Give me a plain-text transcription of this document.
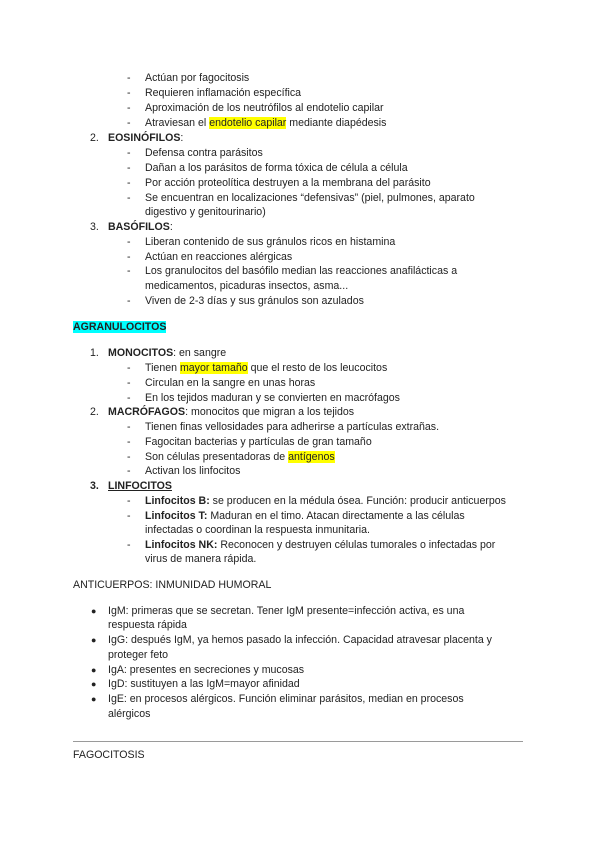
- Actúan por fagocitosis
- Requieren inflamación específica
- Aproximación de los neutrófilos al endotelio capilar
- Atraviesan el endotelio capilar mediante diapédesis
2. EOSINÓFILOS:
- Defensa contra parásitos
- Dañan a los parásitos de forma tóxica de célula a célula
- Por acción proteolítica destruyen a la membrana del parásito
- Se encuentran en localizaciones “defensivas” (piel, pulmones, aparato
digestivo y genitourinario)
3. BASÓFILOS:
- Liberan contenido de sus gránulos ricos en histamina
- Actúan en reacciones alérgicas
- Los granulocitos del basófilo median las reacciones anafilácticas a
medicamentos, picaduras insectos, asma...
- Viven de 2-3 días y sus gránulos son azulados
AGRANULOCITOS
1. MONOCITOS: en sangre
- Tienen mayor tamaño que el resto de los leucocitos
- Circulan en la sangre en unas horas
- En los tejidos maduran y se convierten en macrófagos
2. MACRÓFAGOS: monocitos que migran a los tejidos
- Tienen finas vellosidades para adherirse a partículas extrañas.
- Fagocitan bacterias y partículas de gran tamaño
- Son células presentadoras de antígenos
- Activan los linfocitos
3. LINFOCITOS
- Linfocitos B: se producen en la médula ósea. Función: producir anticuerpos
- Linfocitos T: Maduran en el timo. Atacan directamente a las células
infectadas o coordinan la respuesta inmunitaria.
- Linfocitos NK: Reconocen y destruyen células tumorales o infectadas por
virus de manera rápida.
ANTICUERPOS: INMUNIDAD HUMORAL
● IgM: primeras que se secretan. Tener IgM presente=infección activa, es una
respuesta rápida
● IgG: después IgM, ya hemos pasado la infección. Capacidad atravesar placenta y
proteger feto
● IgA: presentes en secreciones y mucosas
● IgD: sustituyen a las IgM=mayor afinidad
● IgE: en procesos alérgicos. Función eliminar parásitos, median en procesos
alérgicos
FAGOCITOSIS
